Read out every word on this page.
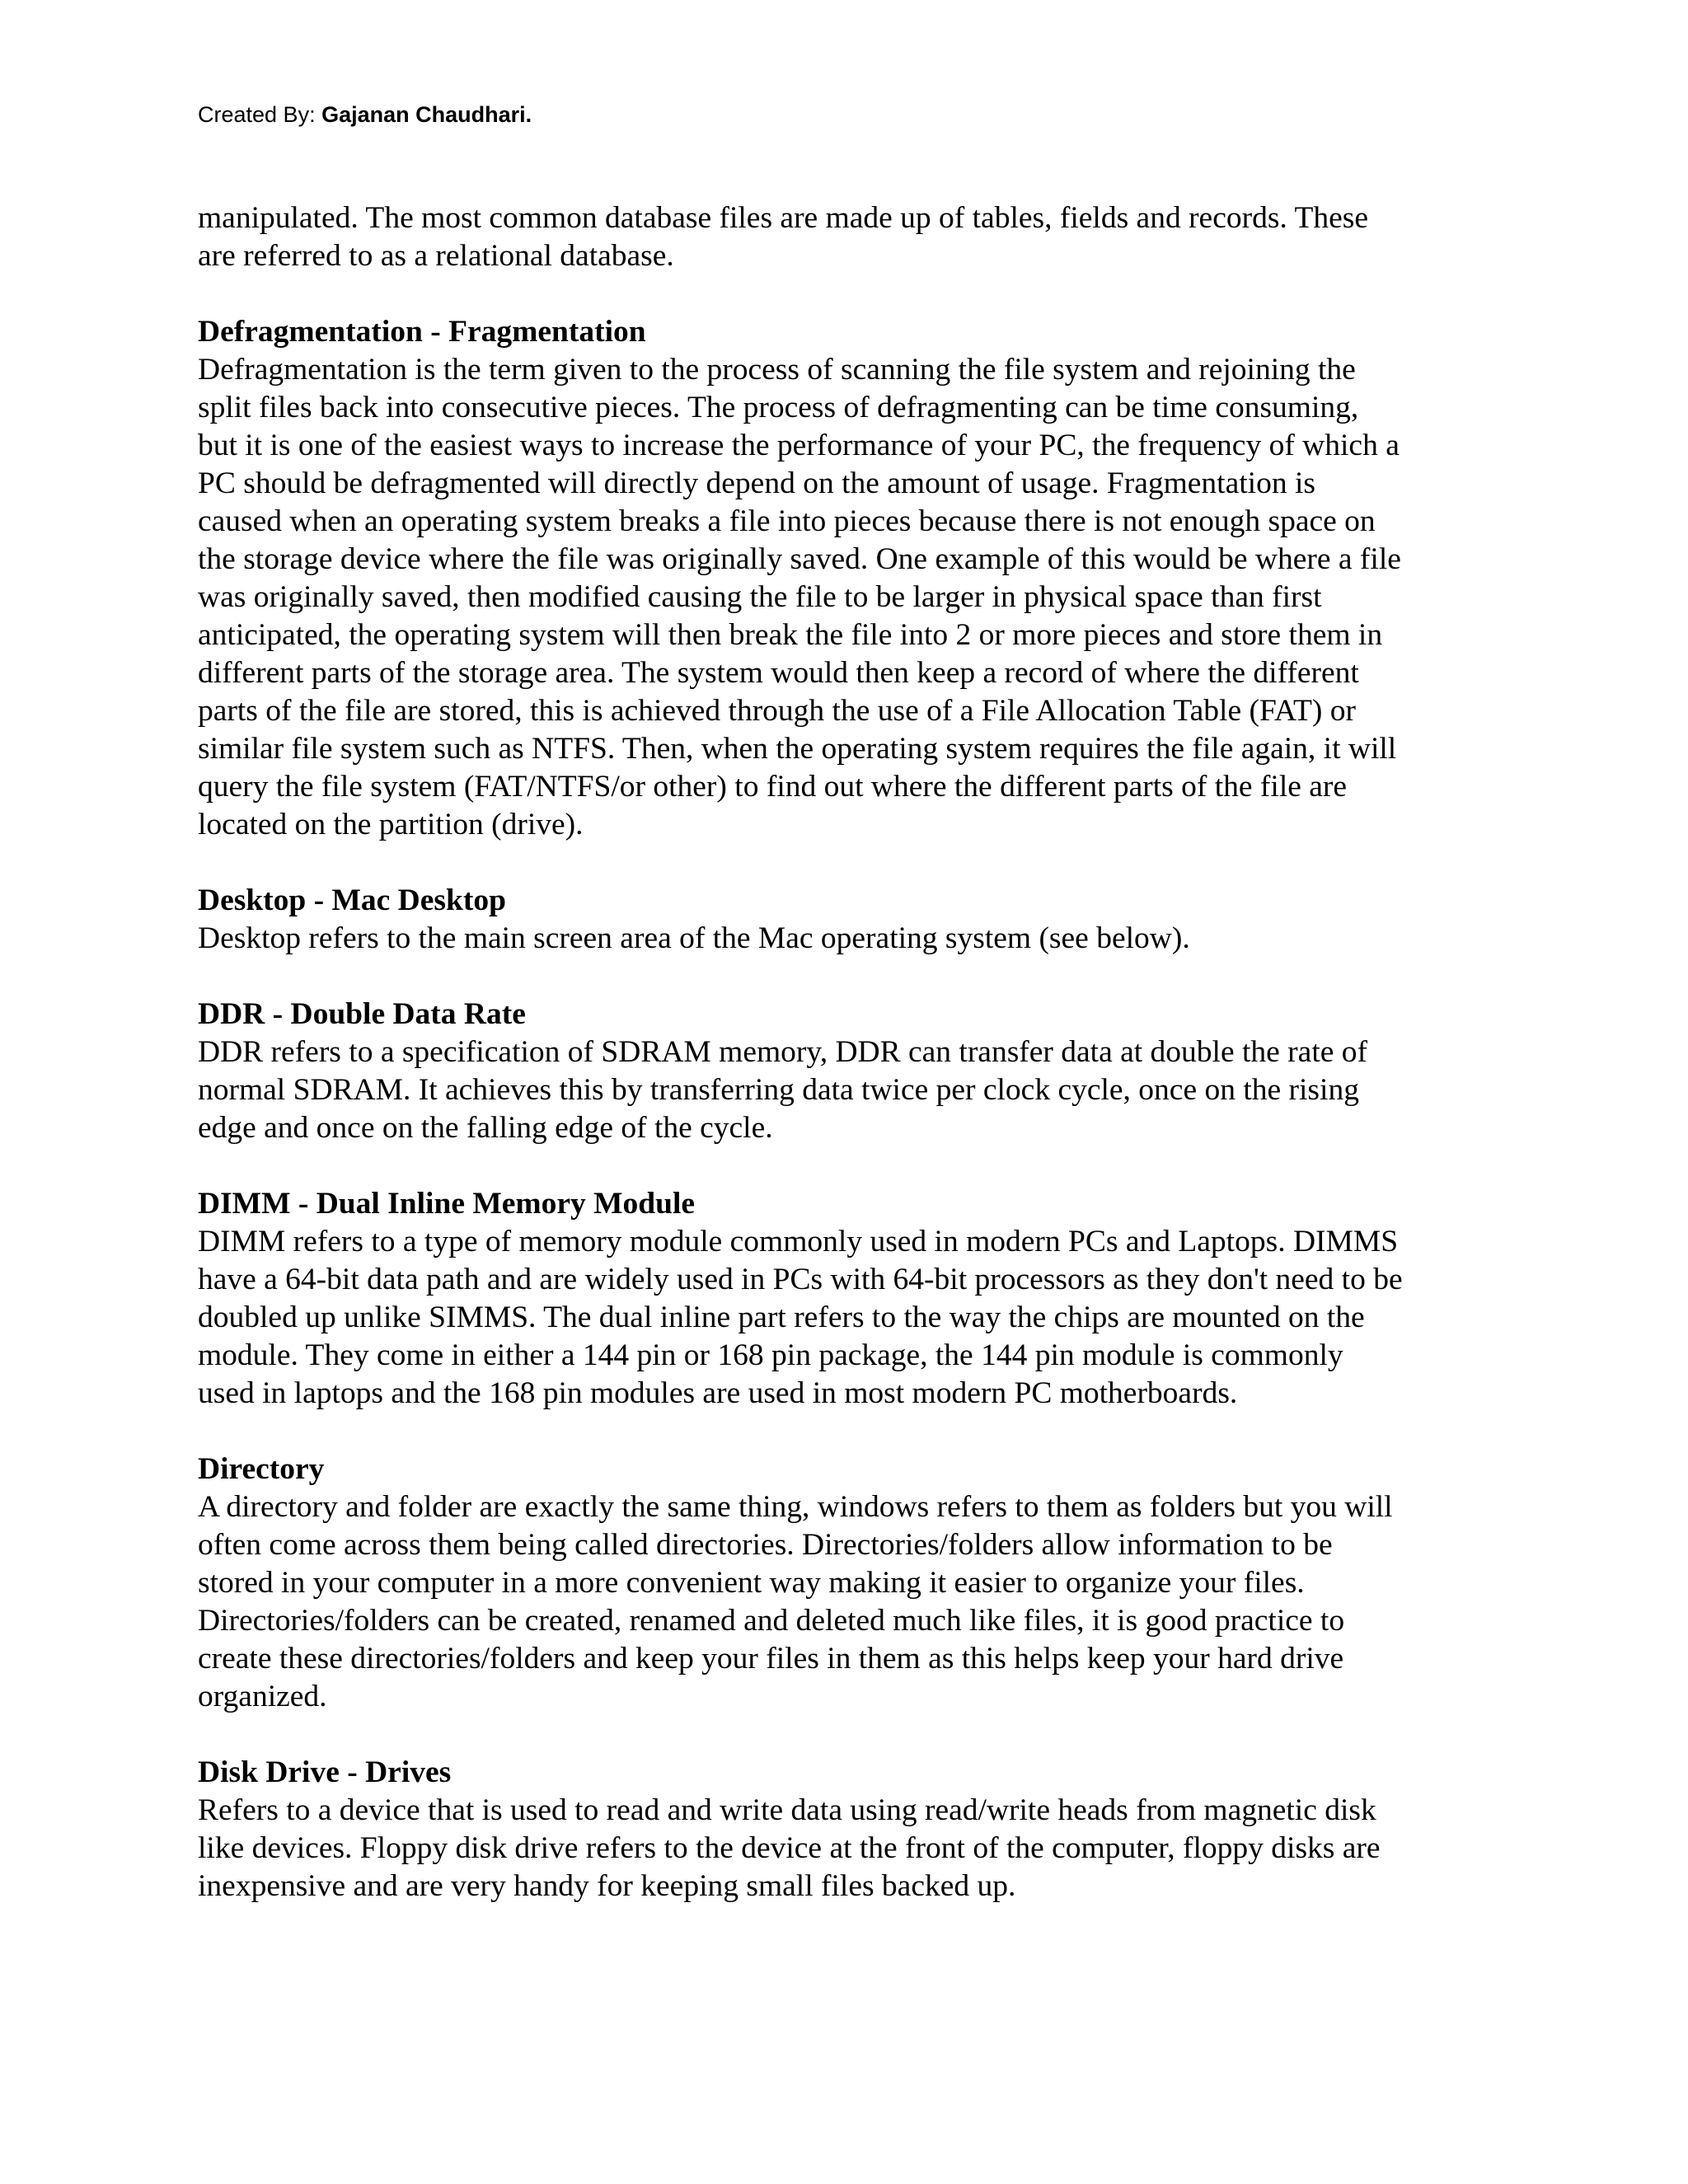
Created By: Gajanan Chaudhari.
manipulated. The most common database files are made up of tables, fields and records. These
are referred to as a relational database.
Defragmentation - Fragmentation
Defragmentation is the term given to the process of scanning the file system and rejoining the
split files back into consecutive pieces. The process of defragmenting can be time consuming,
but it is one of the easiest ways to increase the performance of your PC, the frequency of which a
PC should be defragmented will directly depend on the amount of usage. Fragmentation is
caused when an operating system breaks a file into pieces because there is not enough space on
the storage device where the file was originally saved. One example of this would be where a file
was originally saved, then modified causing the file to be larger in physical space than first
anticipated, the operating system will then break the file into 2 or more pieces and store them in
different parts of the storage area. The system would then keep a record of where the different
parts of the file are stored, this is achieved through the use of a File Allocation Table (FAT) or
similar file system such as NTFS. Then, when the operating system requires the file again, it will
query the file system (FAT/NTFS/or other) to find out where the different parts of the file are
located on the partition (drive).
Desktop - Mac Desktop
Desktop refers to the main screen area of the Mac operating system (see below).
DDR - Double Data Rate
DDR refers to a specification of SDRAM memory, DDR can transfer data at double the rate of
normal SDRAM. It achieves this by transferring data twice per clock cycle, once on the rising
edge and once on the falling edge of the cycle.
DIMM - Dual Inline Memory Module
DIMM refers to a type of memory module commonly used in modern PCs and Laptops. DIMMS
have a 64-bit data path and are widely used in PCs with 64-bit processors as they don't need to be
doubled up unlike SIMMS. The dual inline part refers to the way the chips are mounted on the
module. They come in either a 144 pin or 168 pin package, the 144 pin module is commonly
used in laptops and the 168 pin modules are used in most modern PC motherboards.
Directory
A directory and folder are exactly the same thing, windows refers to them as folders but you will
often come across them being called directories. Directories/folders allow information to be
stored in your computer in a more convenient way making it easier to organize your files.
Directories/folders can be created, renamed and deleted much like files, it is good practice to
create these directories/folders and keep your files in them as this helps keep your hard drive
organized.
Disk Drive - Drives
Refers to a device that is used to read and write data using read/write heads from magnetic disk
like devices. Floppy disk drive refers to the device at the front of the computer, floppy disks are
inexpensive and are very handy for keeping small files backed up.
